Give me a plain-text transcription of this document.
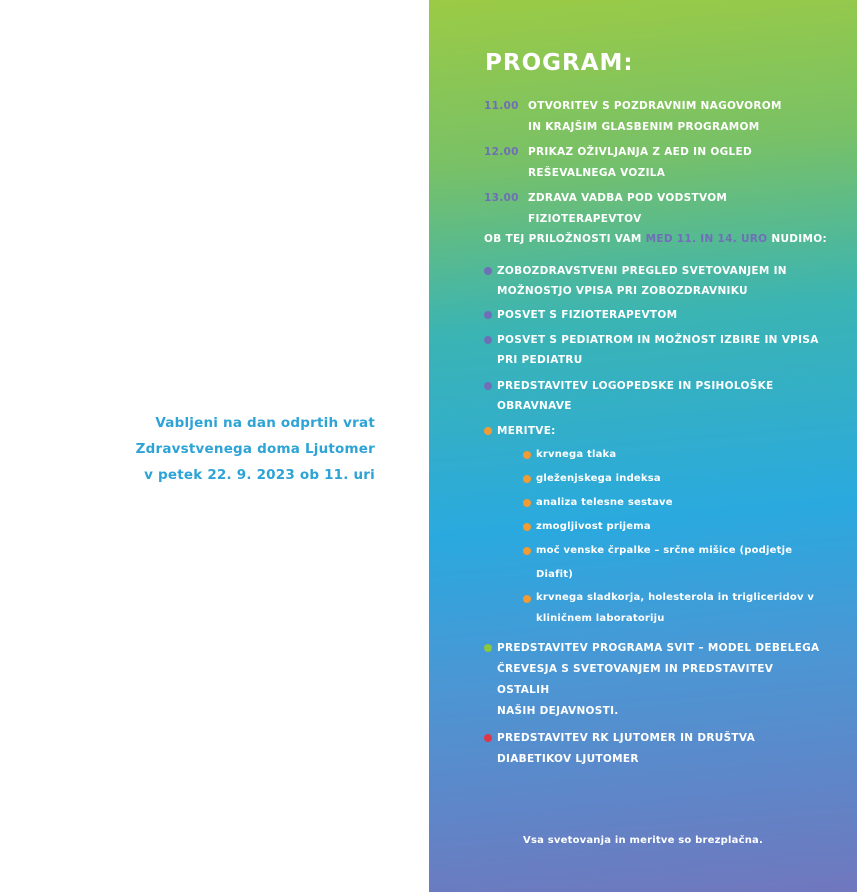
Vabljeni na dan odprtih vrat
Zdravstvenega doma Ljutomer
v petek 22. 9. 2023 ob 11. uri
PROGRAM:
11.00 OTVORITEV S POZDRAVNIM NAGOVOROM
IN KRAJŠIM GLASBENIM PROGRAMOM
12.00 PRIKAZ OŽIVLJANJA Z AED IN OGLED
REŠEVALNEGA VOZILA
13.00 ZDRAVA VADBA POD VODSTVOM FIZIOTERAPEVTOV
OB TEJ PRILOŽNOSTI VAM MED 11. IN 14. URO NUDIMO:
ZOBOZDRAVSTVENI PREGLED SVETOVANJEM IN
MOŽNOSTJO VPISA PRI ZOBOZDRAVNIKU
POSVET S FIZIOTERAPEVTOM
POSVET S PEDIATROM IN MOŽNOST IZBIRE IN VPISA
PRI PEDIATRU
PREDSTAVITEV LOGOPEDSKE IN PSIHOLOŠKE OBRAVNAVE
MERITVE:
krvnega tlaka
gleženjskega indeksa
analiza telesne sestave
zmogljivost prijema
moč venske črpalke – srčne mišice (podjetje Diafit)
krvnega sladkorja, holesterola in trigliceridov v
kliničnem laboratoriju
PREDSTAVITEV PROGRAMA SVIT – MODEL DEBELEGA
ČREVESJA S SVETOVANJEM IN PREDSTAVITEV OSTALIH
NAŠIH DEJAVNOSTI.
PREDSTAVITEV RK LJUTOMER IN DRUŠTVA
DIABETIKOV LJUTOMER
Vsa svetovanja in meritve so brezplačna.
